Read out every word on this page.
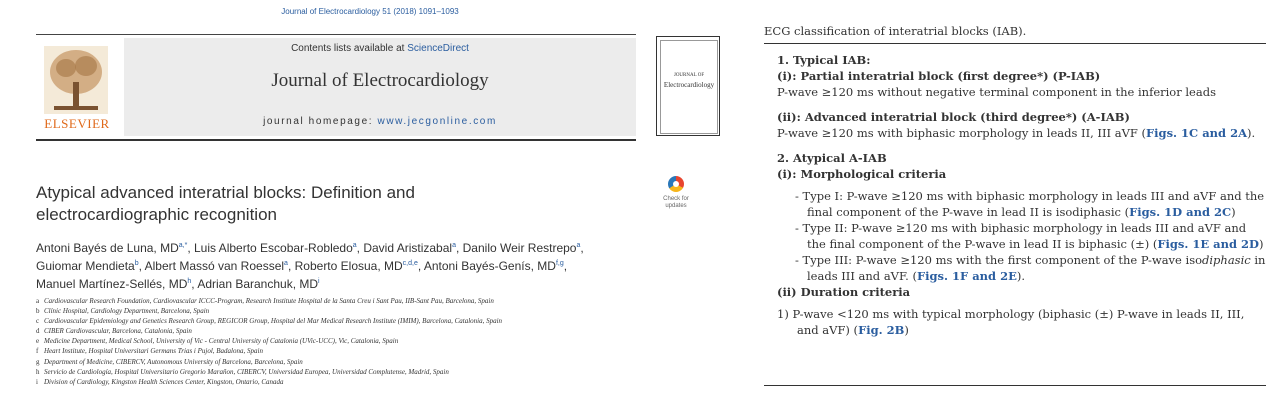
Journal of Electrocardiology 51 (2018) 1091–1093
ELSEVIER
Contents lists available at ScienceDirect
Journal of Electrocardiology
journal homepage: www.jecgonline.com
JOURNAL OF
Electrocardiology
Atypical advanced interatrial blocks: Definition and
electrocardiographic recognition
Check for
updates
Antoni Bayés de Luna, $MD^{a,*}$, Luis Alberto Escobar-Robledo$^a$, David Aristizabal$^a$, Danilo Weir Restrepo$^a$,
Guiomar Mendieta$^b$, Albert Massó van Roessel$^a$, Roberto Elosua, MD$^{c,d,e}$, Antoni Bayés-Genís, MD$^{f,g}$,
Manuel Martínez-Sellés, $MD^h$, Adrian Baranchuk, $MD^i$
a Cardiovascular Research Foundation, Cardiovascular ICCC-Program, Research Institute Hospital de la Santa Creu i Sant Pau, IIB-Sant Pau, Barcelona, Spain
b Clínic Hospital, Cardiology Department, Barcelona, Spain
c Cardiovascular Epidemiology and Genetics Research Group, REGICOR Group, Hospital del Mar Medical Research Institute (IMIM), Barcelona, Catalonia, Spain
d CIBER Cardiovascular, Barcelona, Catalonia, Spain
e Medicine Department, Medical School, University of Vic - Central University of Catalonia (UVic-UCC), Vic, Catalonia, Spain
f Heart Institute, Hospital Universitari Germans Trias i Pujol, Badalona, Spain
g Department of Medicine, CIBERCV, Autonomous University of Barcelona, Barcelona, Spain
h Servicio de Cardiología, Hospital Universitario Gregorio Marañon, CIBERCV, Universidad Europea, Universidad Complutense, Madrid, Spain
i Division of Cardiology, Kingston Health Sciences Center, Kingston, Ontario, Canada
ECG classification of interatrial blocks (IAB).
1. Typical IAB:
(i): Partial interatrial block (first degree*) (P-IAB)
P-wave ≥120 ms without negative terminal component in the inferior leads
(ii): Advanced interatrial block (third degree*) (A-IAB)
P-wave ≥120 ms with biphasic morphology in leads II, III aVF (Figs. 1C and 2A).
2. Atypical A-IAB
(i): Morphological criteria
- Type I: P-wave ≥120 ms with biphasic morphology in leads III and aVF and the final component of the P-wave in lead II is isodiphasic (Figs. 1D and 2C)
- Type II: P-wave ≥120 ms with biphasic morphology in leads III and aVF and the final component of the P-wave in lead II is biphasic (±) (Figs. 1E and 2D)
- Type III: P-wave ≥120 ms with the first component of the P-wave isodiphasic in leads III and aVF. (Figs. 1F and 2E).
(ii) Duration criteria
1) P-wave <120 ms with typical morphology (biphasic (±) P-wave in leads II, III, and aVF) (Fig. 2B)
